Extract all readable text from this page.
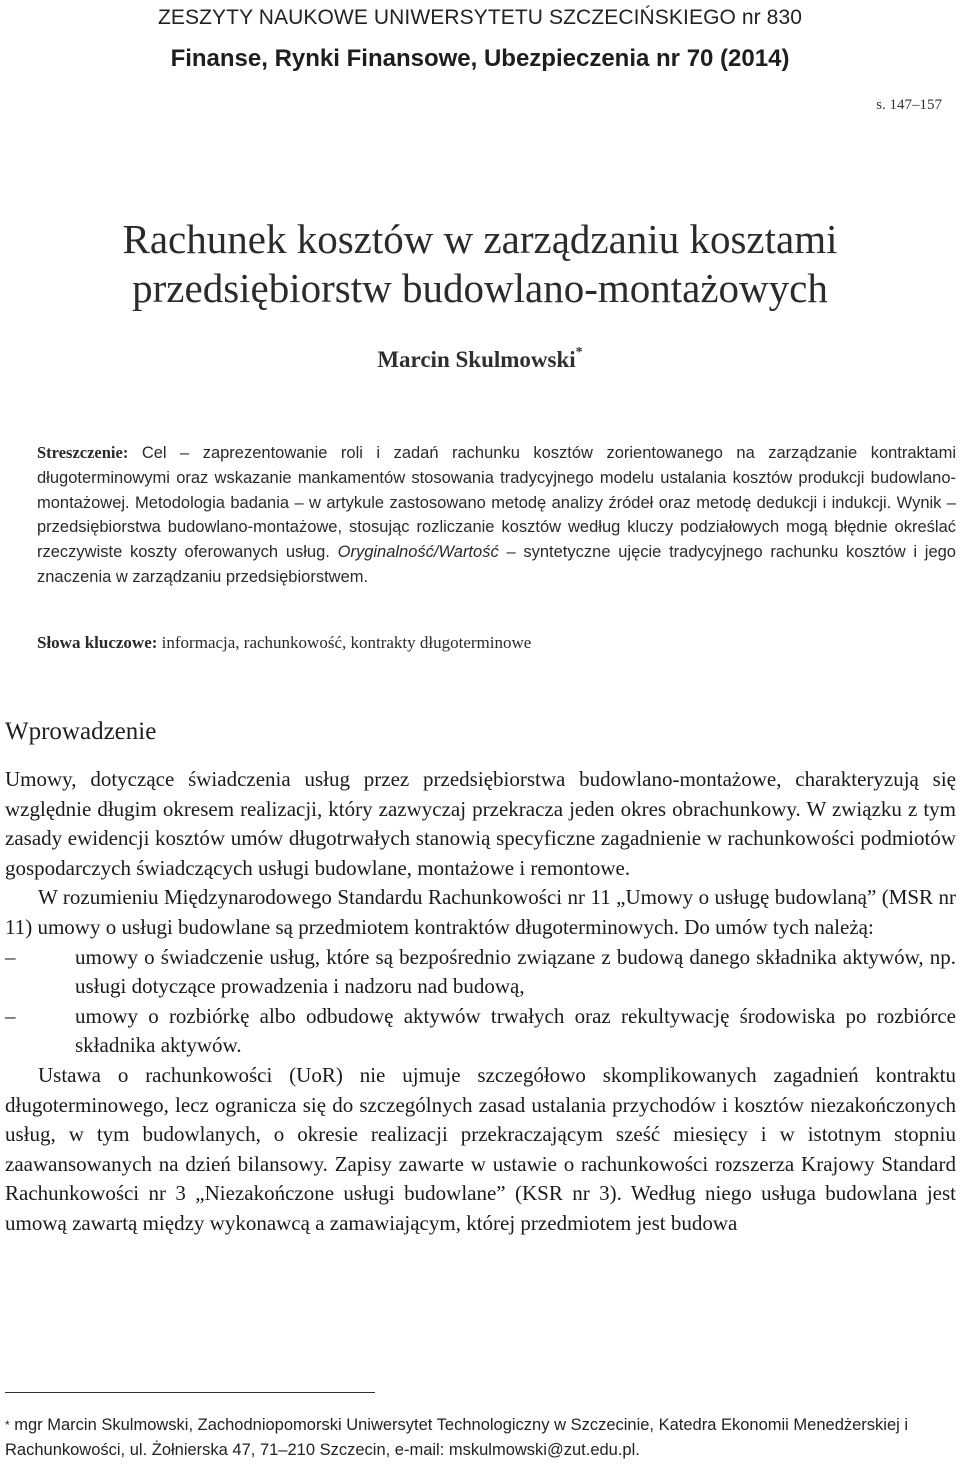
ZESZYTY NAUKOWE UNIWERSYTETU SZCZECIŃSKIEGO nr 830
Finanse, Rynki Finansowe, Ubezpieczenia nr 70 (2014)
s. 147–157
Rachunek kosztów w zarządzaniu kosztami
przedsiębiorstw budowlano-montażowych
Marcin Skulmowski*
Streszczenie: Cel – zaprezentowanie roli i zadań rachunku kosztów zorientowanego na zarządzanie kontraktami długoterminowymi oraz wskazanie mankamentów stosowania tradycyjnego modelu ustalania kosztów produkcji budowlano-montażowej. Metodologia badania – w artykule zastosowano metodę analizy źródeł oraz metodę dedukcji i indukcji. Wynik – przedsiębiorstwa budowlano-montażowe, stosując rozliczanie kosztów według kluczy podziałowych mogą błędnie określać rzeczywiste koszty oferowanych usług. Oryginalność/Wartość – syntetyczne ujęcie tradycyjnego rachunku kosztów i jego znaczenia w zarządzaniu przedsiębiorstwem.
Słowa kluczowe: informacja, rachunkowość, kontrakty długoterminowe
Wprowadzenie

Umowy, dotyczące świadczenia usług przez przedsiębiorstwa budowlano-montażowe, charakteryzują się względnie długim okresem realizacji, który zazwyczaj przekracza jeden okres obrachunkowy. W związku z tym zasady ewidencji kosztów umów długotrwałych stanowią specyficzne zagadnienie w rachunkowości podmiotów gospodarczych świadczących usługi budowlane, montażowe i remontowe.

W rozumieniu Międzynarodowego Standardu Rachunkowości nr 11 „Umowy o usługę budowlaną” (MSR nr 11) umowy o usługi budowlane są przedmiotem kontraktów długoterminowych. Do umów tych należą:

–	umowy o świadczenie usług, które są bezpośrednio związane z budową danego składnika aktywów, np. usługi dotyczące prowadzenia i nadzoru nad budową,
–	umowy o rozbiórkę albo odbudowę aktywów trwałych oraz rekultywację środowiska po rozbiórce składnika aktywów.

Ustawa o rachunkowości (UoR) nie ujmuje szczegółowo skomplikowanych zagadnień kontraktu długoterminowego, lecz ogranicza się do szczególnych zasad ustalania przychodów i kosztów niezakończonych usług, w tym budowlanych, o okresie realizacji przekraczającym sześć miesięcy i w istotnym stopniu zaawansowanych na dzień bilansowy. Zapisy zawarte w ustawie o rachunkowości rozszerza Krajowy Standard Rachunkowości nr 3 „Niezakończone usługi budowlane” (KSR nr 3). Według niego usługa budowlana jest umową zawartą między wykonawcą a zamawiającym, której przedmiotem jest budowa

* mgr Marcin Skulmowski, Zachodniopomorski Uniwersytet Technologiczny w Szczecinie, Katedra Ekonomii Menedżerskiej i Rachunkowości, ul. Żołnierska 47, 71–210 Szczecin, e-mail: mskulmowski@zut.edu.pl.
